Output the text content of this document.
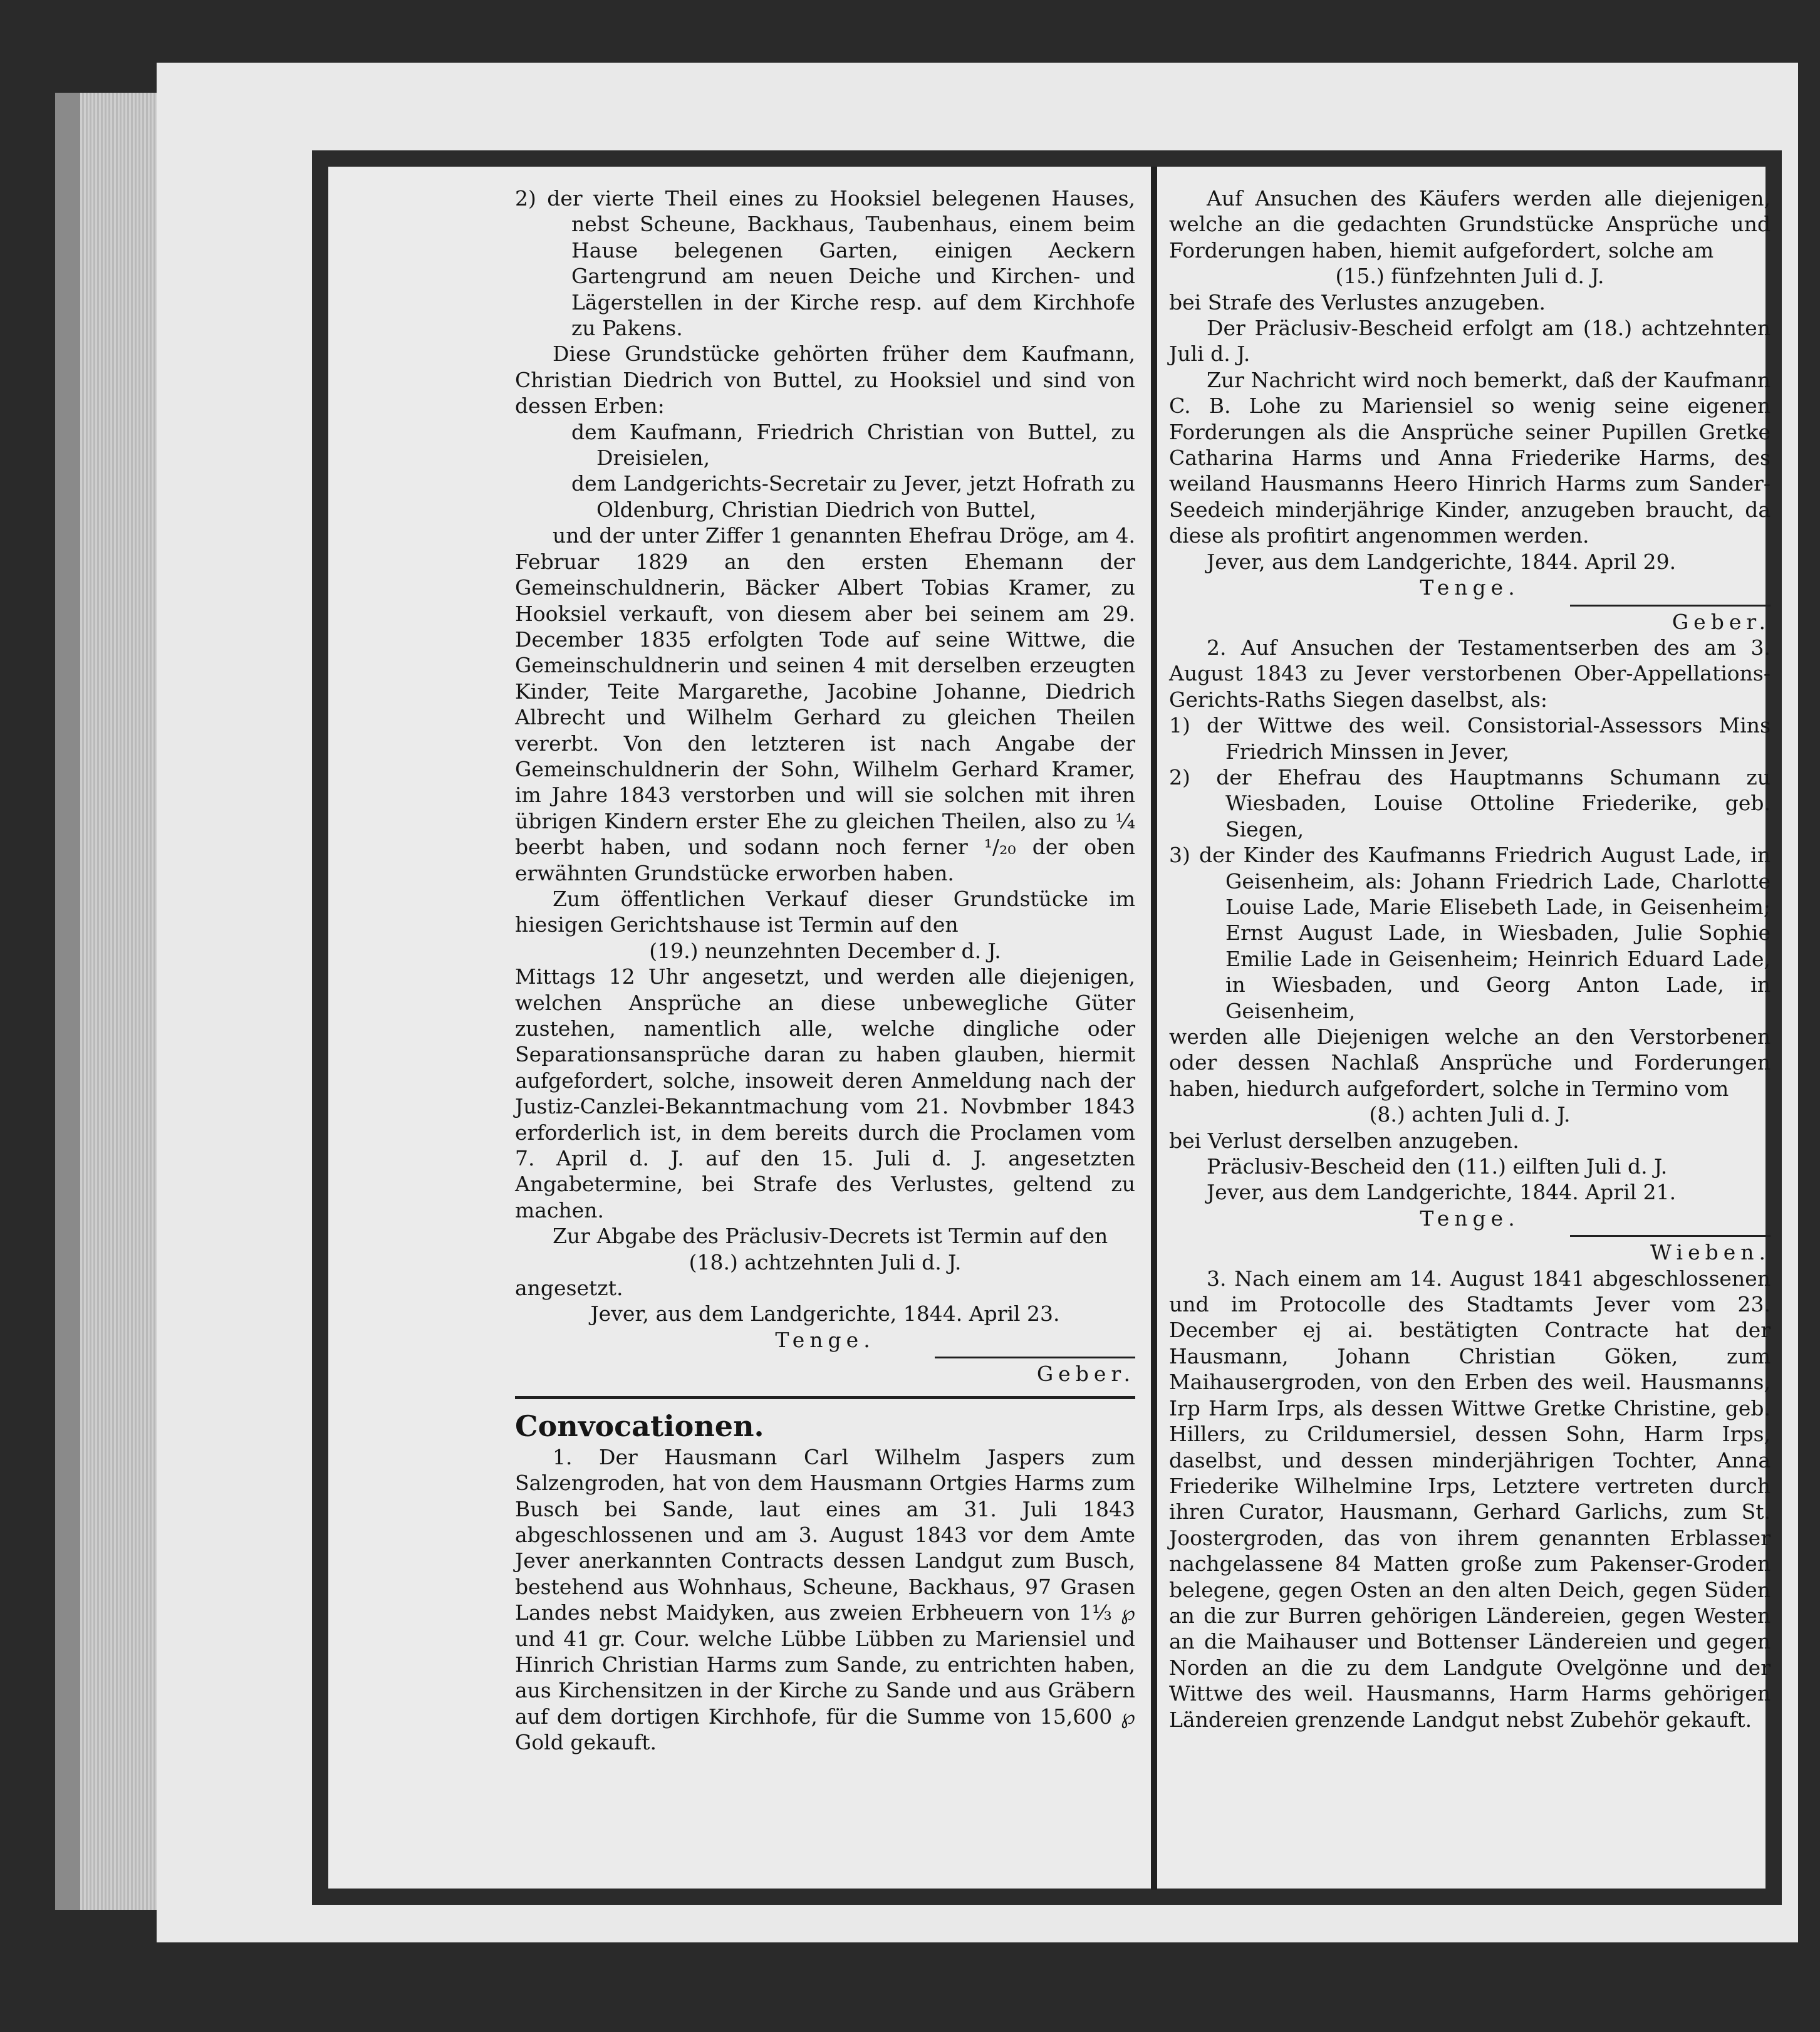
2) der vierte Theil eines zu Hooksiel belegenen Hauses, nebst Scheune, Backhaus, Taubenhaus, einem beim Hause belegenen Garten, einigen Aeckern Gartengrund am neuen Deiche und Kirchen- und Lägerstellen in der Kirche resp. auf dem Kirchhofe zu Pakens.

Diese Grundstücke gehörten früher dem Kaufmann, Christian Diedrich von Buttel, zu Hooksiel und sind von dessen Erben:

dem Kaufmann, Friedrich Christian von Buttel, zu Dreisielen,

dem Landgerichts-Secretair zu Jever, jetzt Hofrath zu Oldenburg, Christian Diedrich von Buttel,

und der unter Ziffer 1 genannten Ehefrau Dröge, am 4. Februar 1829 an den ersten Ehemann der Gemeinschuldnerin, Bäcker Albert Tobias Kramer, zu Hooksiel verkauft, von diesem aber bei seinem am 29. December 1835 erfolgten Tode auf seine Wittwe, die Gemeinschuldnerin und seinen 4 mit derselben erzeugten Kinder, Teite Margarethe, Jacobine Johanne, Diedrich Albrecht und Wilhelm Gerhard zu gleichen Theilen vererbt. Von den letzteren ist nach Angabe der Gemeinschuldnerin der Sohn, Wilhelm Gerhard Kramer, im Jahre 1843 verstorben und will sie solchen mit ihren übrigen Kindern erster Ehe zu gleichen Theilen, also zu ¼ beerbt haben, und sodann noch ferner ¹/₂₀ der oben erwähnten Grundstücke erworben haben.

Zum öffentlichen Verkauf dieser Grundstücke im hiesigen Gerichtshause ist Termin auf den

(19.) neunzehnten December d. J.

Mittags 12 Uhr angesetzt, und werden alle diejenigen, welchen Ansprüche an diese unbewegliche Güter zustehen, namentlich alle, welche dingliche oder Separationsansprüche daran zu haben glauben, hiermit aufgefordert, solche, insoweit deren Anmeldung nach der Justiz-Canzlei-Bekanntmachung vom 21. Novbmber 1843 erforderlich ist, in dem bereits durch die Proclamen vom 7. April d. J. auf den 15. Juli d. J. angesetzten Angabetermine, bei Strafe des Verlustes, geltend zu machen.

Zur Abgabe des Präclusiv-Decrets ist Termin auf den

(18.) achtzehnten Juli d. J.

angesetzt.

Jever, aus dem Landgerichte, 1844. April 23.

Tenge.

Geber.

Convocationen.

1. Der Hausmann Carl Wilhelm Jaspers zum Salzengroden, hat von dem Hausmann Ortgies Harms zum Busch bei Sande, laut eines am 31. Juli 1843 abgeschlossenen und am 3. August 1843 vor dem Amte Jever anerkannten Contracts dessen Landgut zum Busch, bestehend aus Wohnhaus, Scheune, Backhaus, 97 Grasen Landes nebst Maidyken, aus zweien Erbheuern von 1⅓ ℘ und 41 gr. Cour. welche Lübbe Lübben zu Mariensiel und Hinrich Christian Harms zum Sande, zu entrichten haben, aus Kirchensitzen in der Kirche zu Sande und aus Gräbern auf dem dortigen Kirchhofe, für die Summe von 15,600 ℘ Gold gekauft.

Auf Ansuchen des Käufers werden alle diejenigen, welche an die gedachten Grundstücke Ansprüche und Forderungen haben, hiemit aufgefordert, solche am

(15.) fünfzehnten Juli d. J.

bei Strafe des Verlustes anzugeben.

Der Präclusiv-Bescheid erfolgt am (18.) achtzehnten Juli d. J.

Zur Nachricht wird noch bemerkt, daß der Kaufmann C. B. Lohe zu Mariensiel so wenig seine eigenen Forderungen als die Ansprüche seiner Pupillen Gretke Catharina Harms und Anna Friederike Harms, des weiland Hausmanns Heero Hinrich Harms zum Sander-Seedeich minderjährige Kinder, anzugeben braucht, da diese als profitirt angenommen werden.

Jever, aus dem Landgerichte, 1844. April 29.

Tenge.

Geber.

2. Auf Ansuchen der Testamentserben des am 3. August 1843 zu Jever verstorbenen Ober-Appellations-Gerichts-Raths Siegen daselbst, als:

1) der Wittwe des weil. Consistorial-Assessors Mins Friedrich Minssen in Jever,

2) der Ehefrau des Hauptmanns Schumann zu Wiesbaden, Louise Ottoline Friederike, geb. Siegen,

3) der Kinder des Kaufmanns Friedrich August Lade, in Geisenheim, als: Johann Friedrich Lade, Charlotte Louise Lade, Marie Elisebeth Lade, in Geisenheim; Ernst August Lade, in Wiesbaden, Julie Sophie Emilie Lade in Geisenheim; Heinrich Eduard Lade, in Wiesbaden, und Georg Anton Lade, in Geisenheim,

werden alle Diejenigen welche an den Verstorbenen oder dessen Nachlaß Ansprüche und Forderungen haben, hiedurch aufgefordert, solche in Termino vom

(8.) achten Juli d. J.

bei Verlust derselben anzugeben.

Präclusiv-Bescheid den (11.) eilften Juli d. J.

Jever, aus dem Landgerichte, 1844. April 21.

Tenge.

Wieben.

3. Nach einem am 14. August 1841 abgeschlossenen und im Protocolle des Stadtamts Jever vom 23. December ej ai. bestätigten Contracte hat der Hausmann, Johann Christian Göken, zum Maihausergroden, von den Erben des weil. Hausmanns, Irp Harm Irps, als dessen Wittwe Gretke Christine, geb. Hillers, zu Crildumersiel, dessen Sohn, Harm Irps, daselbst, und dessen minderjährigen Tochter, Anna Friederike Wilhelmine Irps, Letztere vertreten durch ihren Curator, Hausmann, Gerhard Garlichs, zum St. Joostergroden, das von ihrem genannten Erblasser nachgelassene 84 Matten große zum Pakenser-Groden belegene, gegen Osten an den alten Deich, gegen Süden an die zur Burren gehörigen Ländereien, gegen Westen an die Maihauser und Bottenser Ländereien und gegen Norden an die zu dem Landgute Ovelgönne und der Wittwe des weil. Hausmanns, Harm Harms gehörigen Ländereien grenzende Landgut nebst Zubehör gekauft.
